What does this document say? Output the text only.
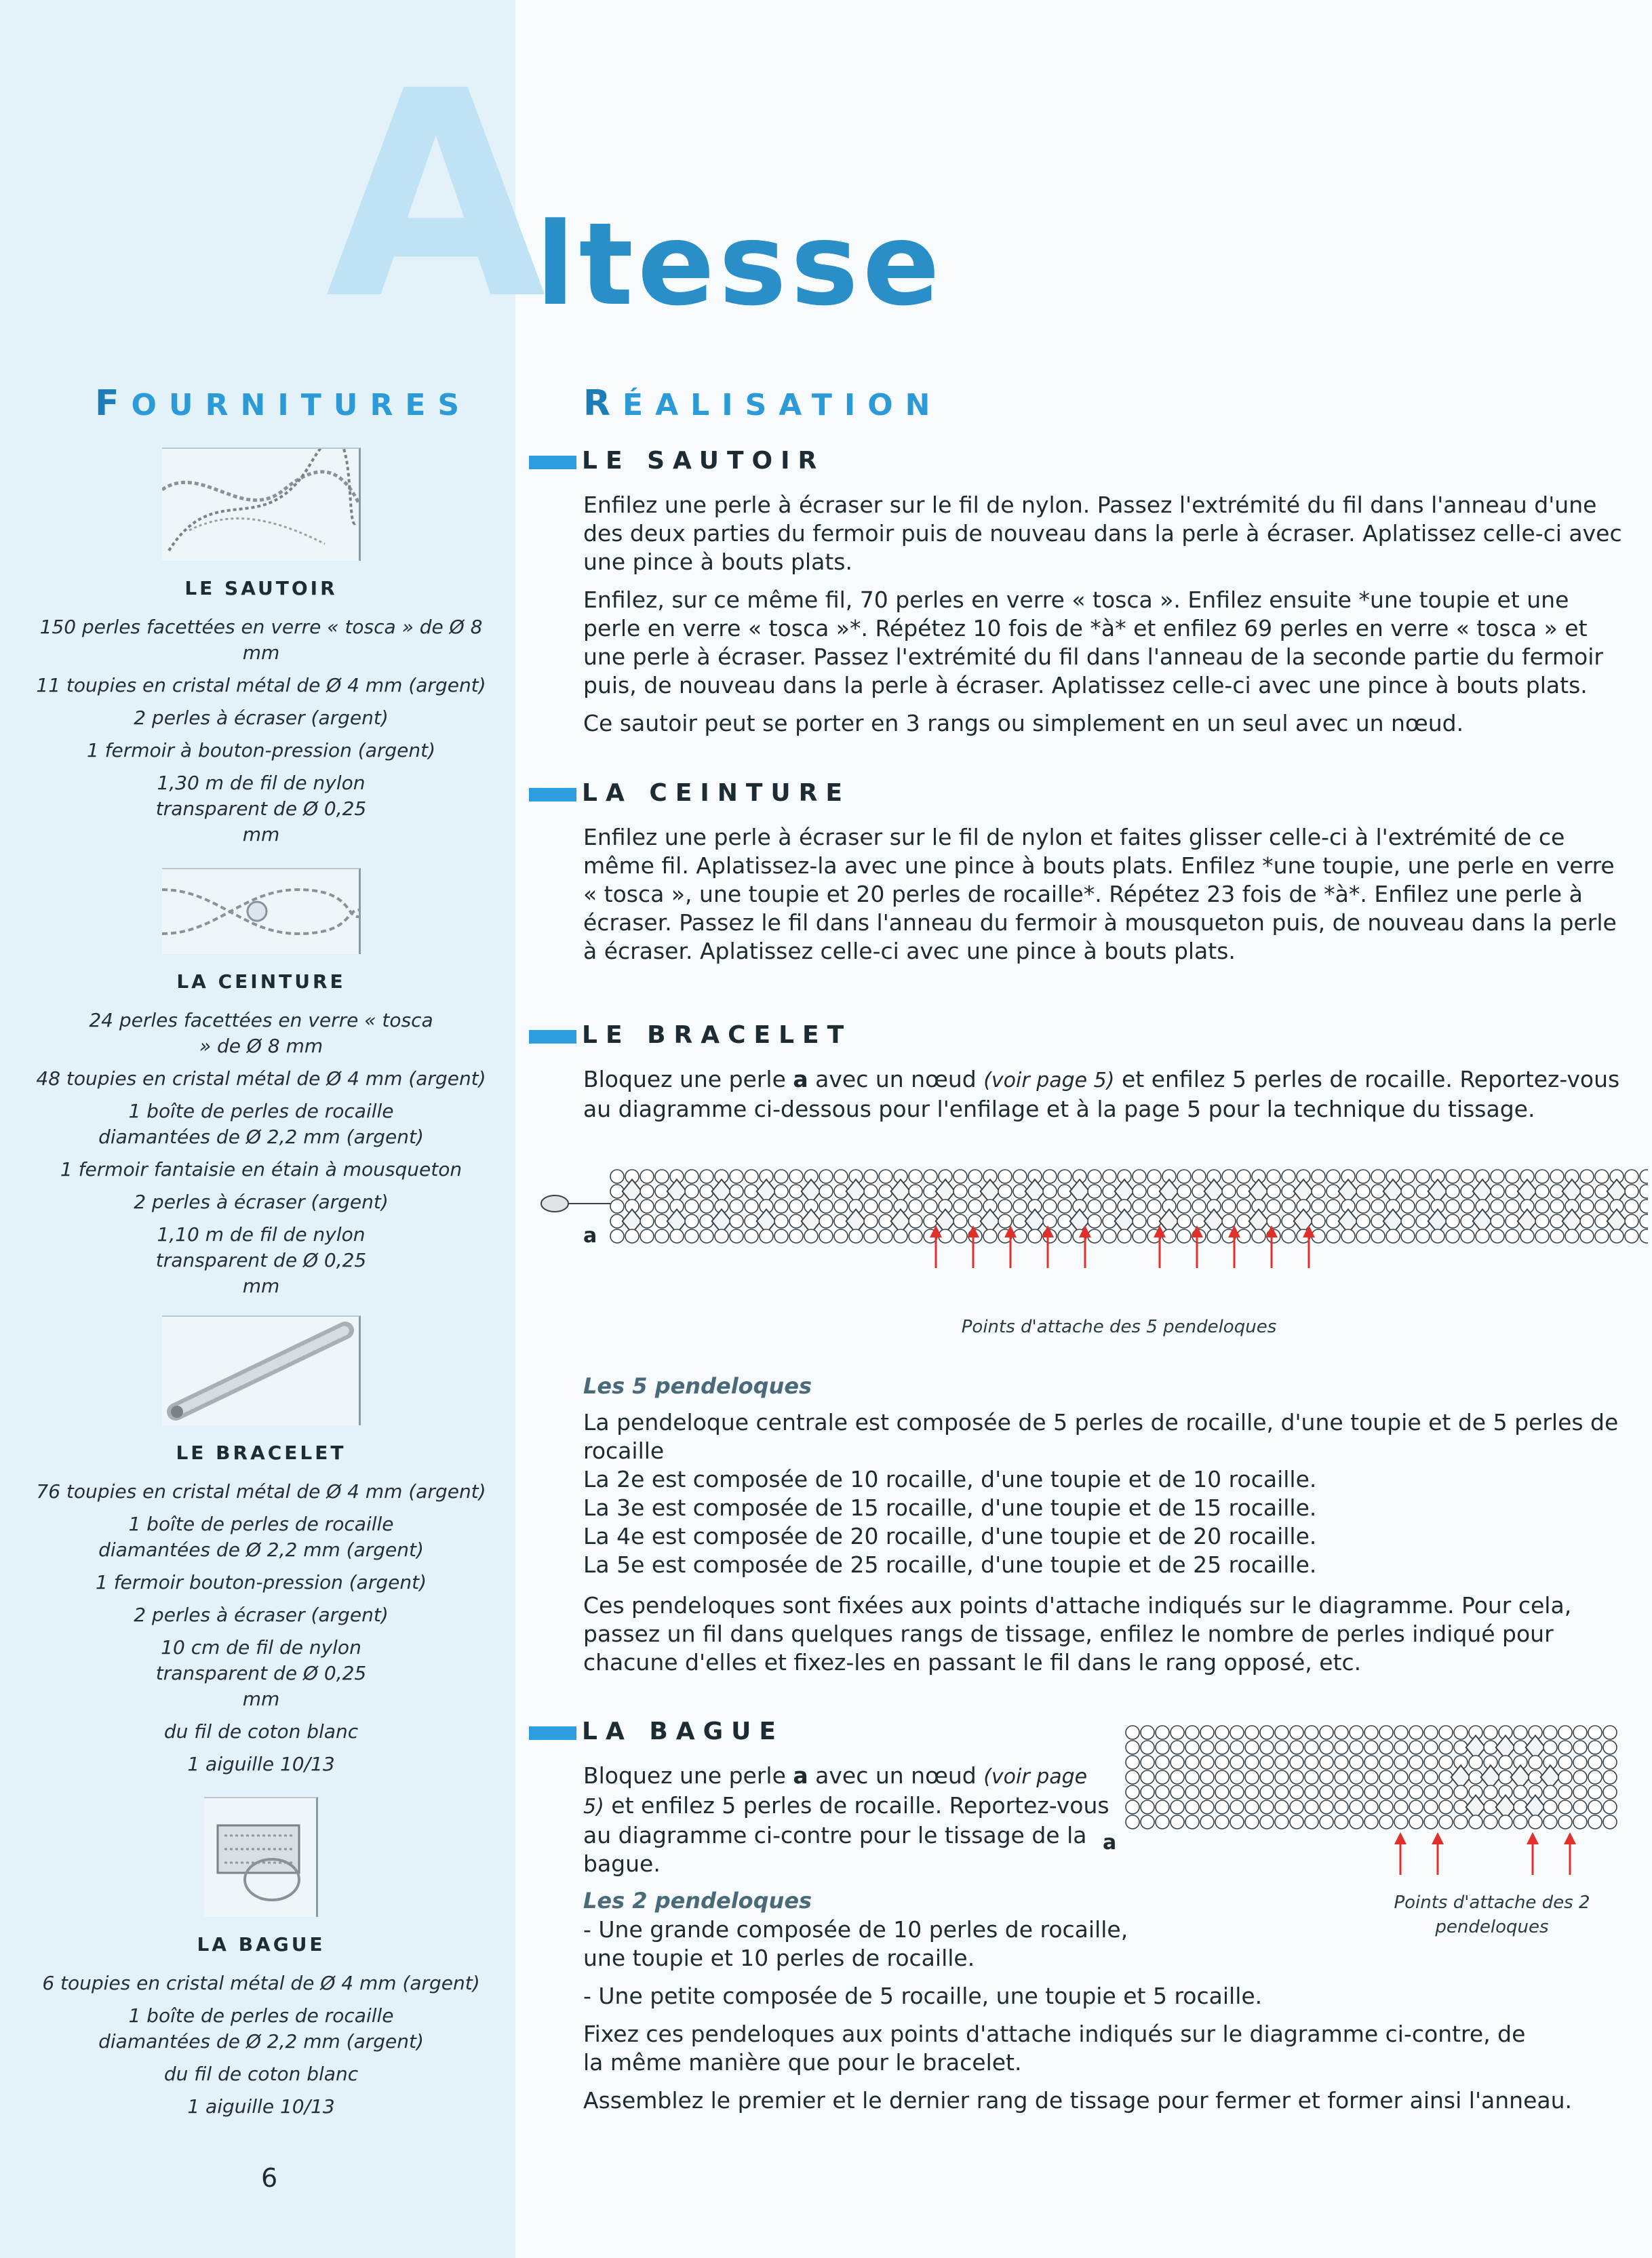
A
ltesse
FOURNITURES	RÉALISATION
LE SAUTOIR
150 perles facettées en verre « tosca » de Ø 8 mm
11 toupies en cristal métal de Ø 4 mm (argent)
2 perles à écraser (argent)
1 fermoir à bouton-pression (argent)
1,30 m de fil de nylon transparent de Ø 0,25 mm
LA CEINTURE
24 perles facettées en verre « tosca » de Ø 8 mm
48 toupies en cristal métal de Ø 4 mm (argent)
1 boîte de perles de rocaille diamantées de Ø 2,2 mm (argent)
1 fermoir fantaisie en étain à mousqueton
2 perles à écraser (argent)
1,10 m de fil de nylon transparent de Ø 0,25 mm
LE BRACELET
76 toupies en cristal métal de Ø 4 mm (argent)
1 boîte de perles de rocaille diamantées de Ø 2,2 mm (argent)
1 fermoir bouton-pression (argent)
2 perles à écraser (argent)
10 cm de fil de nylon transparent de Ø 0,25 mm
du fil de coton blanc
1 aiguille 10/13
LA BAGUE
6 toupies en cristal métal de Ø 4 mm (argent)
1 boîte de perles de rocaille diamantées de Ø 2,2 mm (argent)
du fil de coton blanc
1 aiguille 10/13
LE SAUTOIR

Enfilez une perle à écraser sur le fil de nylon. Passez l'extrémité du fil dans l'anneau d'une des deux parties du fermoir puis de nouveau dans la perle à écraser. Aplatissez celle-ci avec une pince à bouts plats.

Enfilez, sur ce même fil, 70 perles en verre « tosca ». Enfilez ensuite *une toupie et une perle en verre « tosca »*. Répétez 10 fois de *à* et enfilez 69 perles en verre « tosca » et une perle à écraser. Passez l'extrémité du fil dans l'anneau de la seconde partie du fermoir puis, de nouveau dans la perle à écraser. Aplatissez celle-ci avec une pince à bouts plats.

Ce sautoir peut se porter en 3 rangs ou simplement en un seul avec un nœud.

LA CEINTURE

Enfilez une perle à écraser sur le fil de nylon et faites glisser celle-ci à l'extrémité de ce même fil. Aplatissez-la avec une pince à bouts plats. Enfilez *une toupie, une perle en verre « tosca », une toupie et 20 perles de rocaille*. Répétez 23 fois de *à*. Enfilez une perle à écraser. Passez le fil dans l'anneau du fermoir à mousqueton puis, de nouveau dans la perle à écraser. Aplatissez celle-ci avec une pince à bouts plats.

LE BRACELET

Bloquez une perle a avec un nœud (voir page 5) et enfilez 5 perles de rocaille. Reportez-vous au diagramme ci-dessous pour l'enfilage et à la page 5 pour la technique du tissage.

a
Points d'attache des 5 pendeloques
Les 5 pendeloques

La pendeloque centrale est composée de 5 perles de rocaille, d'une toupie et de 5 perles de rocaille

La 2e est composée de 10 rocaille, d'une toupie et de 10 rocaille.

La 3e est composée de 15 rocaille, d'une toupie et de 15 rocaille.

La 4e est composée de 20 rocaille, d'une toupie et de 20 rocaille.

La 5e est composée de 25 rocaille, d'une toupie et de 25 rocaille.

Ces pendeloques sont fixées aux points d'attache indiqués sur le diagramme. Pour cela, passez un fil dans quelques rangs de tissage, enfilez le nombre de perles indiqué pour chacune d'elles et fixez-les en passant le fil dans le rang opposé, etc.

LA BAGUE

Bloquez une perle a avec un nœud (voir page 5) et enfilez 5 perles de rocaille. Reportez-vous au diagramme ci-contre pour le tissage de la bague.

Les 2 pendeloques
a
Points d'attache des 2 pendeloques

- Une grande composée de 10 perles de rocaille, une toupie et 10 perles de rocaille.

- Une petite composée de 5 rocaille, une toupie et 5 rocaille.

Fixez ces pendeloques aux points d'attache indiqués sur le diagramme ci-contre, de la même manière que pour le bracelet.

Assemblez le premier et le dernier rang de tissage pour fermer et former ainsi l'anneau.

6
